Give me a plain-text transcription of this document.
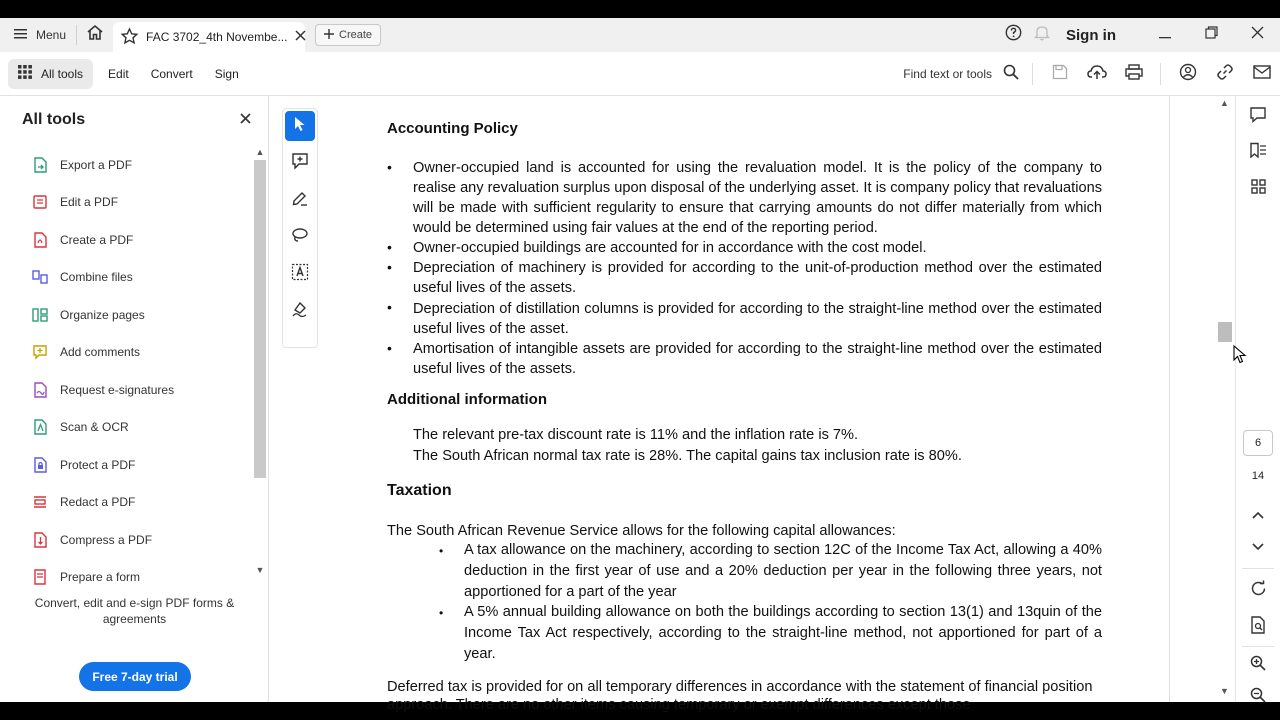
Menu	FAC 3702_4th Novembe...	Create	Sign in
All tools Edit Convert Sign	Find text or tools
All tools
Export a PDF
Edit a PDF
Create a PDF
Combine files
Organize pages
Add comments
Request e-signatures
Scan & OCR
Protect a PDF
Redact a PDF
Compress a PDF
Prepare a form
▲
▼
Convert, edit and e-sign PDF forms & agreements
Free 7-day trial
Accounting Policy
• Owner-occupied land is accounted for using the revaluation model. It is the policy of the company to realise any revaluation surplus upon disposal of the underlying asset. It is company policy that revaluations will be made with sufficient regularity to ensure that carrying amounts do not differ materially from which would be determined using fair values at the end of the reporting period.
• Owner-occupied buildings are accounted for in accordance with the cost model.
• Depreciation of machinery is provided for according to the unit-of-production method over the estimated useful lives of the assets.
• Depreciation of distillation columns is provided for according to the straight-line method over the estimated useful lives of the asset.
• Amortisation of intangible assets are provided for according to the straight-line method over the estimated useful lives of the assets.
Additional information
The relevant pre-tax discount rate is 11% and the inflation rate is 7%.
The South African normal tax rate is 28%. The capital gains tax inclusion rate is 80%.
Taxation
The South African Revenue Service allows for the following capital allowances:
• A tax allowance on the machinery, according to section 12C of the Income Tax Act, allowing a 40% deduction in the first year of use and a 20% deduction per year in the following three years, not apportioned for a part of the year
• A 5% annual building allowance on both the buildings according to section 13(1) and 13quin of the Income Tax Act respectively, according to the straight-line method, not apportioned for part of a year.
Deferred tax is provided for on all temporary differences in accordance with the statement of financial position approach. There are no other items causing temporary or exempt differences except those
▲
▼
6
14
